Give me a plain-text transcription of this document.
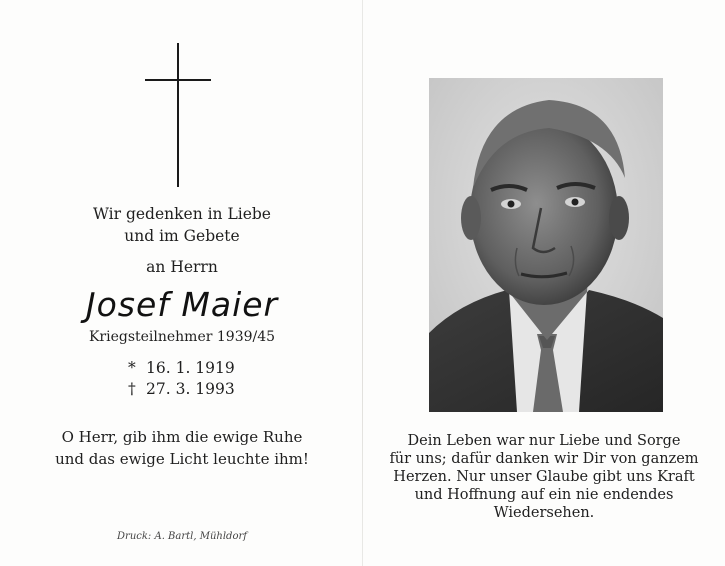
Wir gedenken in Liebe
und im Gebete
an Herrn
Josef Maier
Kriegsteilnehmer 1939/45
* 16. 1. 1919
† 27. 3. 1993
O Herr, gib ihm die ewige Ruhe
und das ewige Licht leuchte ihm!
Druck: A. Bartl, Mühldorf
Dein Leben war nur Liebe und Sorge
für uns; dafür danken wir Dir von ganzem
Herzen. Nur unser Glaube gibt uns Kraft
und Hoffnung auf ein nie endendes
Wiedersehen.
